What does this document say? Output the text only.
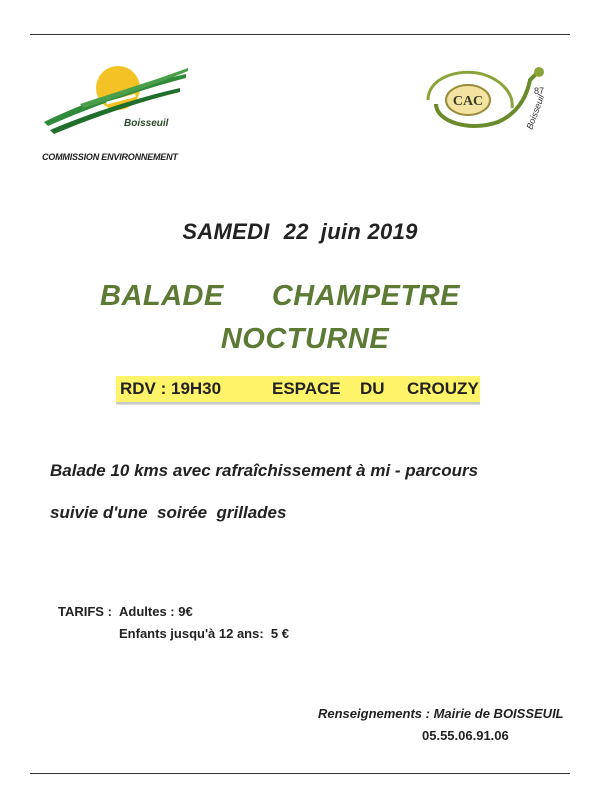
Boisseuil
COMMISSION ENVIRONNEMENT
CAC
87
Boisseuil
SAMEDI 22 juin 2019
BALADE CHAMPETRE
NOCTURNE
RDV : 19H30	ESPACE DU CROUZY
Balade 10 kms avec rafraîchissement à mi - parcours
suivie d'une  soirée  grillades
TARIFS : Adultes : 9€
Enfants jusqu'à 12 ans:  5 €
Renseignements : Mairie de BOISSEUIL
05.55.06.91.06
